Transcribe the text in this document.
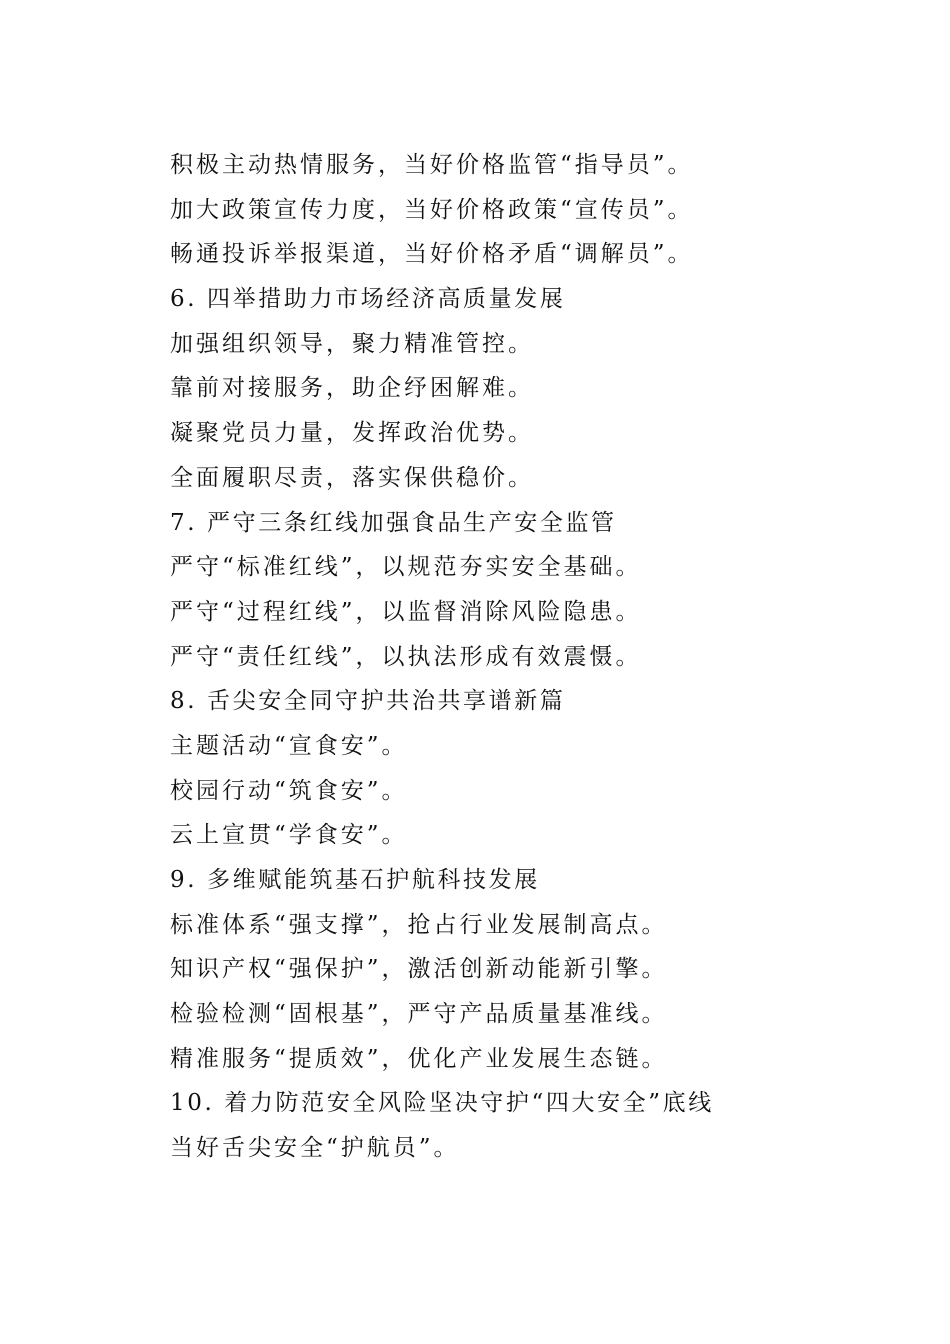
积极主动热情服务，当好价格监管“指导员”。
加大政策宣传力度，当好价格政策“宣传员”。
畅通投诉举报渠道，当好价格矛盾“调解员”。
6. 四举措助力市场经济高质量发展
加强组织领导，聚力精准管控。
靠前对接服务，助企纾困解难。
凝聚党员力量，发挥政治优势。
全面履职尽责，落实保供稳价。
7. 严守三条红线加强食品生产安全监管
严守“标准红线”，以规范夯实安全基础。
严守“过程红线”，以监督消除风险隐患。
严守“责任红线”，以执法形成有效震慑。
8. 舌尖安全同守护共治共享谱新篇
主题活动“宣食安”。
校园行动“筑食安”。
云上宣贯“学食安”。
9. 多维赋能筑基石护航科技发展
标准体系“强支撑”，抢占行业发展制高点。
知识产权“强保护”，激活创新动能新引擎。
检验检测“固根基”，严守产品质量基准线。
精准服务“提质效”，优化产业发展生态链。
10. 着力防范安全风险坚决守护“四大安全”底线
当好舌尖安全“护航员”。
